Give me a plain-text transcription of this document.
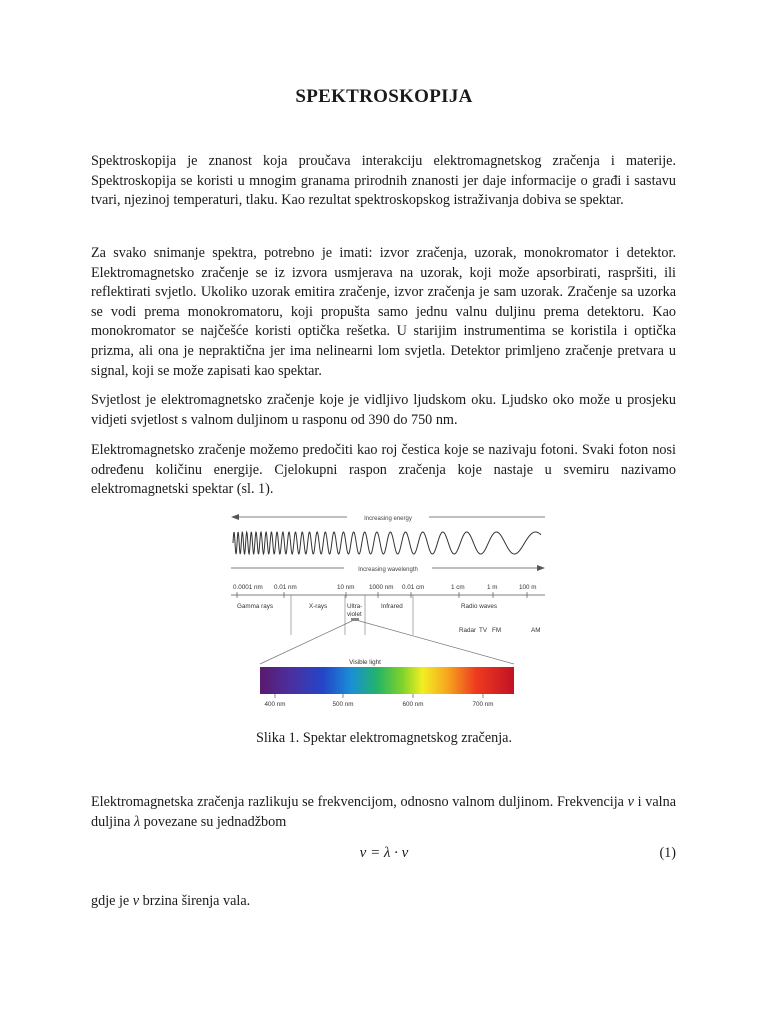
SPEKTROSKOPIJA

Spektroskopija je znanost koja proučava interakciju elektromagnetskog zračenja i materije. Spektroskopija se koristi u mnogim granama prirodnih znanosti jer daje informacije o građi i sastavu tvari, njezinoj temperaturi, tlaku. Kao rezultat spektroskopskog istraživanja dobiva se spektar.

Za svako snimanje spektra, potrebno je imati: izvor zračenja, uzorak, monokromator i detektor. Elektromagnetsko zračenje se iz izvora usmjerava na uzorak, koji može apsorbirati, raspršiti, ili reflektirati svjetlo. Ukoliko uzorak emitira zračenje, izvor zračenja je sam uzorak. Zračenje sa uzorka se vodi prema monokromatoru, koji propušta samo jednu valnu duljinu prema detektoru. Kao monokromator se najčešće koristi optička rešetka. U starijim instrumentima se koristila i optička prizma, ali ona je nepraktična jer ima nelinearni lom svjetla. Detektor primljeno zračenje pretvara u signal, koji se može zapisati kao spektar.

Svjetlost je elektromagnetsko zračenje koje je vidljivo ljudskom oku. Ljudsko oko može u prosjeku vidjeti svjetlost s valnom duljinom u rasponu od 390 do 750 nm.

Elektromagnetsko zračenje možemo predočiti kao roj čestica koje se nazivaju fotoni. Svaki foton nosi određenu količinu energije. Cjelokupni raspon zračenja koje nastaje u svemiru nazivamo elektromagnetski spektar (sl. 1).

Increasing energy
Increasing wavelength
0.0001 nm 0.01 nm	10 nm 1000 nm 0.01 cm	1 cm	1 m	100 m
Gamma rays	X-rays	Ultra-
violet
Infrared	Radio waves
Radar TV FM	AM
Visible light
400 nm	500 nm	600 nm	700 nm
Slika 1. Spektar elektromagnetskog zračenja.

Elektromagnetska zračenja razlikuju se frekvencijom, odnosno valnom duljinom. Frekvencija ν i valna duljina λ povezane su jednadžbom

ν = λ · ν	(1)

gdje je ν brzina širenja vala.
